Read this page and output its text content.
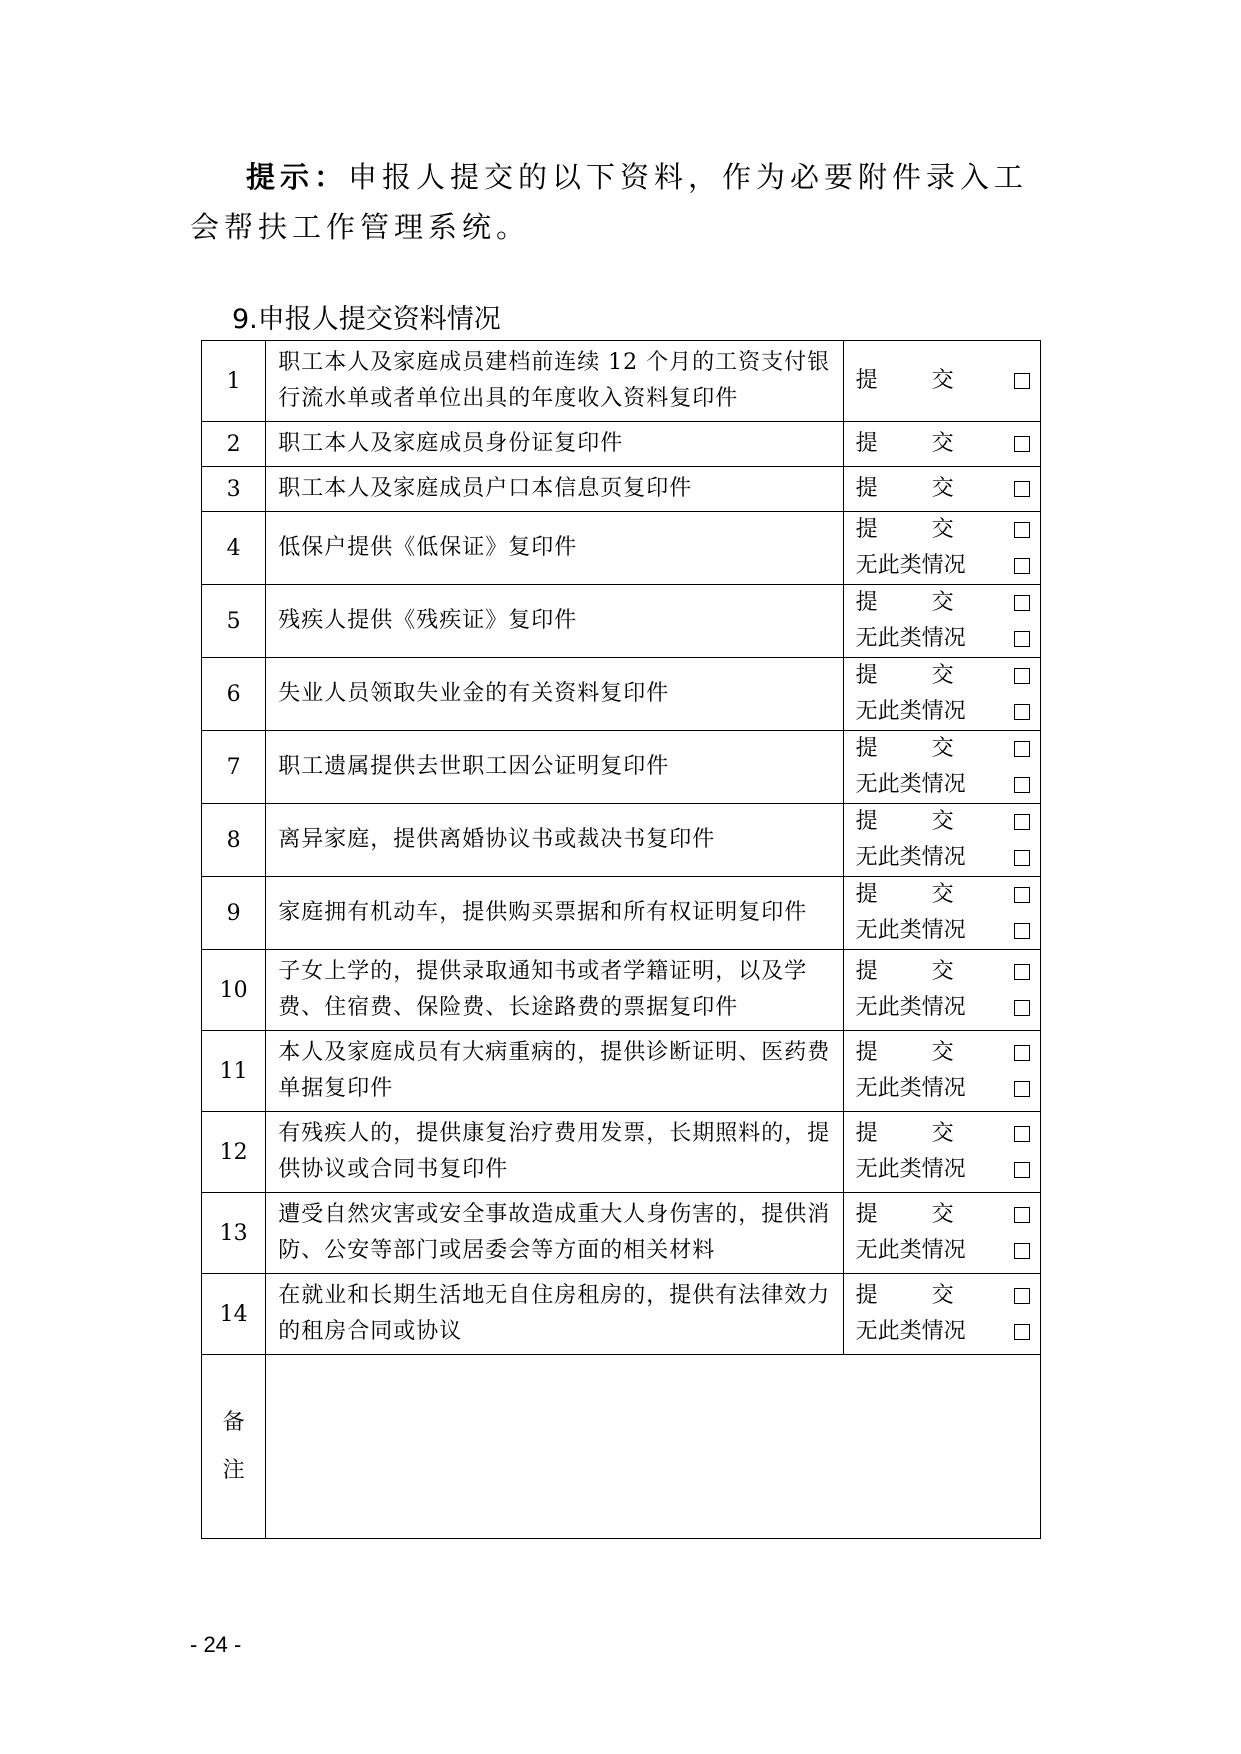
提示：申报人提交的以下资料，作为必要附件录入工会帮扶工作管理系统。

9.申报人提交资料情况

1	职工本人及家庭成员建档前连续 12 个月的工资支付银行流水单或者单位出具的年度收入资料复印件	提 交

2	职工本人及家庭成员身份证复印件	提 交

3	职工本人及家庭成员户口本信息页复印件	提 交

4	低保户提供《低保证》复印件	提 交
无此类情况

5	残疾人提供《残疾证》复印件	提 交
无此类情况

6	失业人员领取失业金的有关资料复印件	提 交
无此类情况

7	职工遗属提供去世职工因公证明复印件	提 交
无此类情况

8	离异家庭，提供离婚协议书或裁决书复印件	提 交
无此类情况

9	家庭拥有机动车，提供购买票据和所有权证明复印件	提 交
无此类情况

10	子女上学的，提供录取通知书或者学籍证明，以及学费、住宿费、保险费、长途路费的票据复印件	提 交
无此类情况

11	本人及家庭成员有大病重病的，提供诊断证明、医药费单据复印件	提 交
无此类情况

12	有残疾人的，提供康复治疗费用发票，长期照料的，提供协议或合同书复印件	提 交
无此类情况

13	遭受自然灾害或安全事故造成重大人身伤害的，提供消防、公安等部门或居委会等方面的相关材料	提 交
无此类情况

14	在就业和长期生活地无自住房租房的，提供有法律效力的租房合同或协议	提 交
无此类情况

备
注		

- 24 -
